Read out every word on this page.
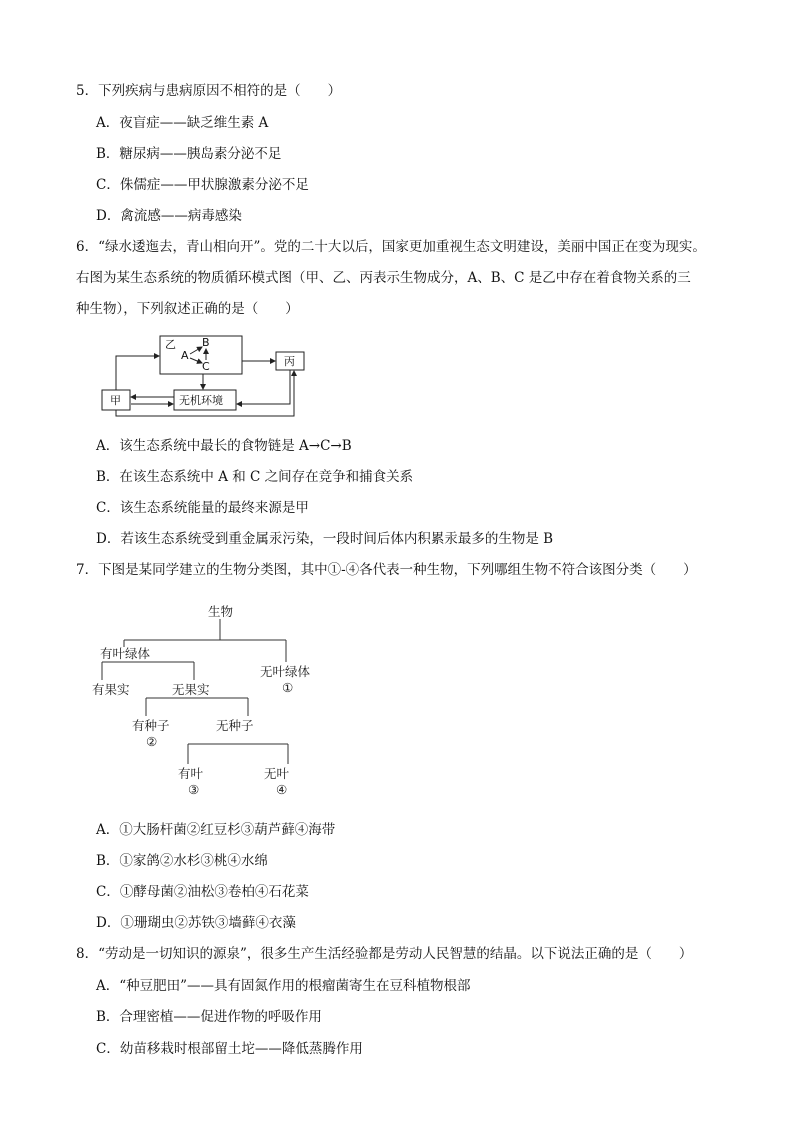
5．下列疾病与患病原因不相符的是（　　）
A．夜盲症——缺乏维生素 A
B．糖尿病——胰岛素分泌不足
C．侏儒症——甲状腺激素分泌不足
D．禽流感——病毒感染
6．“绿水逶迤去，青山相向开”。党的二十大以后，国家更加重视生态文明建设，美丽中国正在变为现实。
右图为某生态系统的物质循环模式图（甲、乙、丙表示生物成分，A、B、C 是乙中存在着食物关系的三
种生物），下列叙述正确的是（　　）
乙
A
B
C	丙
甲	无机环境
A．该生态系统中最长的食物链是 A→C→B
B．在该生态系统中 A 和 C 之间存在竞争和捕食关系
C．该生态系统能量的最终来源是甲
D．若该生态系统受到重金属汞污染，一段时间后体内积累汞最多的生物是 B
7．下图是某同学建立的生物分类图，其中①-④各代表一种生物，下列哪组生物不符合该图分类（　　）
生物
有叶绿体
无叶绿体
①
有果实	无果实
有种子
②
无种子
有叶
③
无叶
④
A．①大肠杆菌②红豆杉③葫芦藓④海带
B．①家鸽②水杉③桃④水绵
C．①酵母菌②油松③卷柏④石花菜
D．①珊瑚虫②苏铁③墙藓④衣藻
8．“劳动是一切知识的源泉”，很多生产生活经验都是劳动人民智慧的结晶。以下说法正确的是（　　）
A．“种豆肥田”——具有固氮作用的根瘤菌寄生在豆科植物根部
B．合理密植——促进作物的呼吸作用
C．幼苗移栽时根部留土坨——降低蒸腾作用
